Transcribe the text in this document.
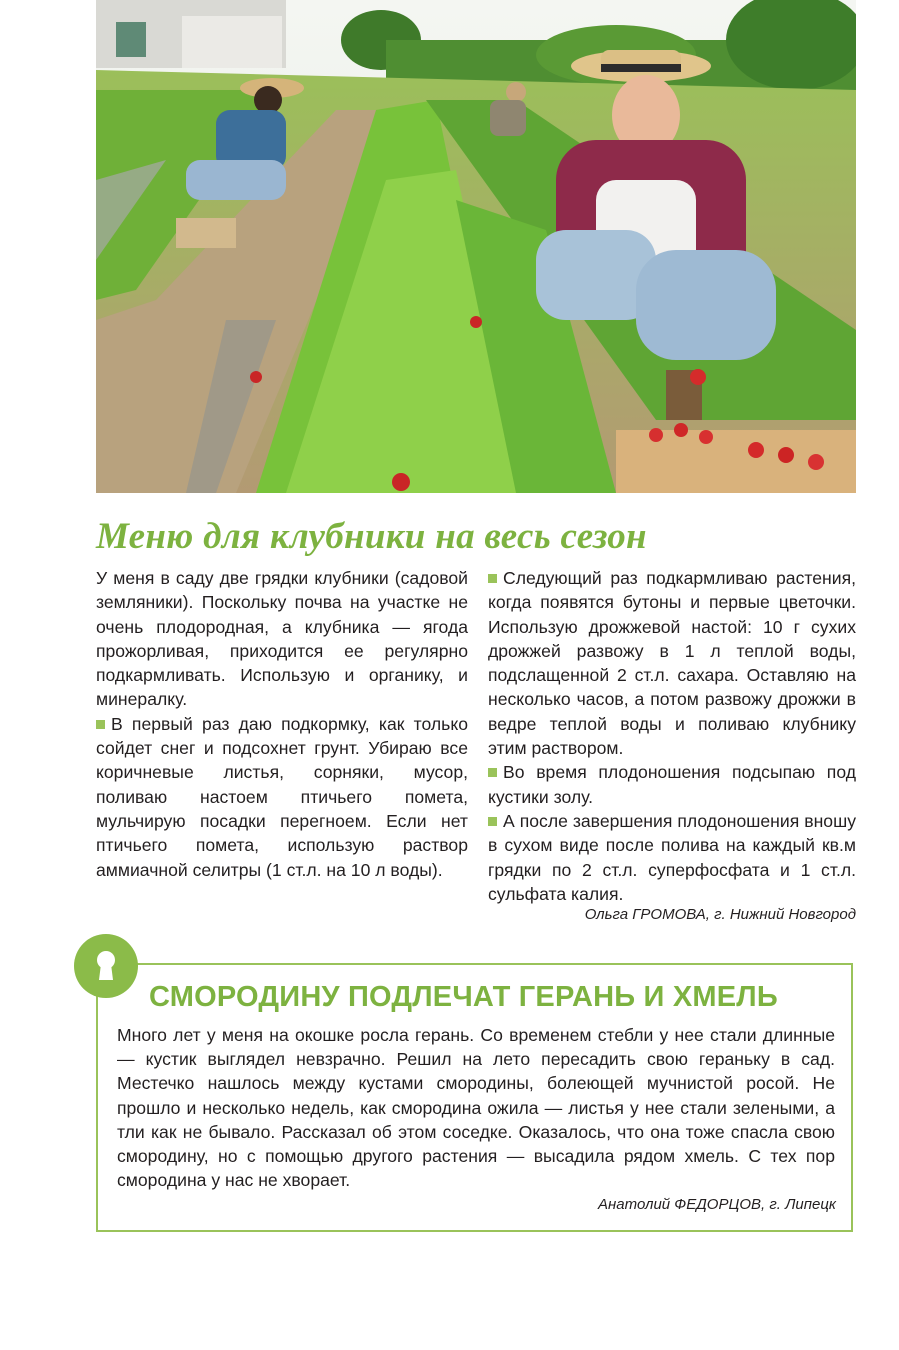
Меню для клубники на весь сезон

У меня в саду две грядки клубники (садовой земляники). Поскольку почва на участке не очень плодородная, а клубника — ягода прожорливая, приходится ее регулярно подкармливать. Использую и органику, и минералку.

В первый раз даю подкормку, как только сойдет снег и подсохнет грунт. Убираю все коричневые листья, сорняки, мусор, поливаю настоем птичьего помета, мульчирую посадки перегноем. Если нет птичьего помета, использую раствор аммиачной селитры (1 ст.л. на 10 л воды).

Следующий раз подкармливаю растения, когда появятся бутоны и первые цветочки. Использую дрожжевой настой: 10 г сухих дрожжей развожу в 1 л теплой воды, подслащенной 2 ст.л. сахара. Оставляю на несколько часов, а потом развожу дрожжи в ведре теплой воды и поливаю клубнику этим раствором.

Во время плодоношения подсыпаю под кустики золу.

А после завершения плодоношения вношу в сухом виде после полива на каждый кв.м грядки по 2 ст.л. суперфосфата и 1 ст.л. сульфата калия.

Ольга ГРОМОВА, г. Нижний Новгород
СМОРОДИНУ ПОДЛЕЧАТ ГЕРАНЬ И ХМЕЛЬ

Много лет у меня на окошке росла герань. Со временем стебли у нее стали длинные — кустик выглядел невзрачно. Решил на лето пересадить свою гераньку в сад. Местечко нашлось между кустами смородины, болеющей мучнистой росой. Не прошло и несколько недель, как смородина ожила — листья у нее стали зелеными, а тли как не бывало. Рассказал об этом соседке. Оказалось, что она тоже спасла свою смородину, но с помощью другого растения — высадила рядом хмель. С тех пор смородина у нас не хворает.

Анатолий ФЕДОРЦОВ, г. Липецк
